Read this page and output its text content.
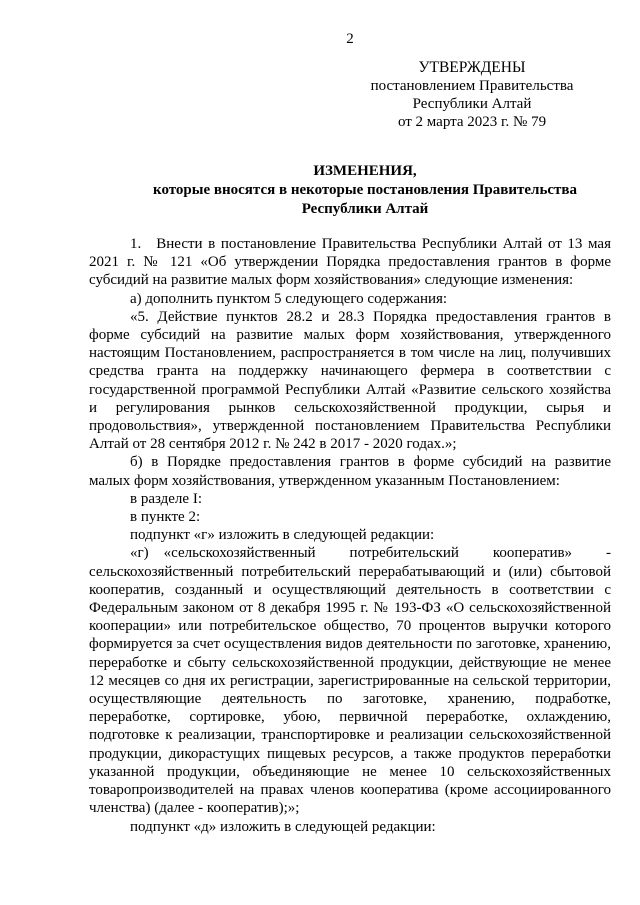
2
УТВЕРЖДЕНЫ
постановлением Правительства
Республики Алтай
от 2 марта 2023 г. № 79
ИЗМЕНЕНИЯ,
которые вносятся в некоторые постановления Правительства
Республики Алтай

1. Внести в постановление Правительства Республики Алтай от 13 мая 2021 г. № 121 «Об утверждении Порядка предоставления грантов в форме субсидий на развитие малых форм хозяйствования» следующие изменения:

а) дополнить пунктом 5 следующего содержания:

«5. Действие пунктов 28.2 и 28.3 Порядка предоставления грантов в форме субсидий на развитие малых форм хозяйствования, утвержденного настоящим Постановлением, распространяется в том числе на лиц, получивших средства гранта на поддержку начинающего фермера в соответствии с государственной программой Республики Алтай «Развитие сельского хозяйства и регулирования рынков сельскохозяйственной продукции, сырья и продовольствия», утвержденной постановлением Правительства Республики Алтай от 28 сентября 2012 г. № 242 в 2017 - 2020 годах.»;

б) в Порядке предоставления грантов в форме субсидий на развитие малых форм хозяйствования, утвержденном указанным Постановлением:

в разделе I:

в пункте 2:

подпункт «г» изложить в следующей редакции:

«г) «сельскохозяйственный потребительский кооператив» - сельскохозяйственный потребительский перерабатывающий и (или) сбытовой кооператив, созданный и осуществляющий деятельность в соответствии с Федеральным законом от 8 декабря 1995 г. № 193-ФЗ «О сельскохозяйственной кооперации» или потребительское общество, 70 процентов выручки которого формируется за счет осуществления видов деятельности по заготовке, хранению, переработке и сбыту сельскохозяйственной продукции, действующие не менее 12 месяцев со дня их регистрации, зарегистрированные на сельской территории, осуществляющие деятельность по заготовке, хранению, подработке, переработке, сортировке, убою, первичной переработке, охлаждению, подготовке к реализации, транспортировке и реализации сельскохозяйственной продукции, дикорастущих пищевых ресурсов, а также продуктов переработки указанной продукции, объединяющие не менее 10 сельскохозяйственных товаропроизводителей на правах членов кооператива (кроме ассоциированного членства) (далее - кооператив);»;

подпункт «д» изложить в следующей редакции:
